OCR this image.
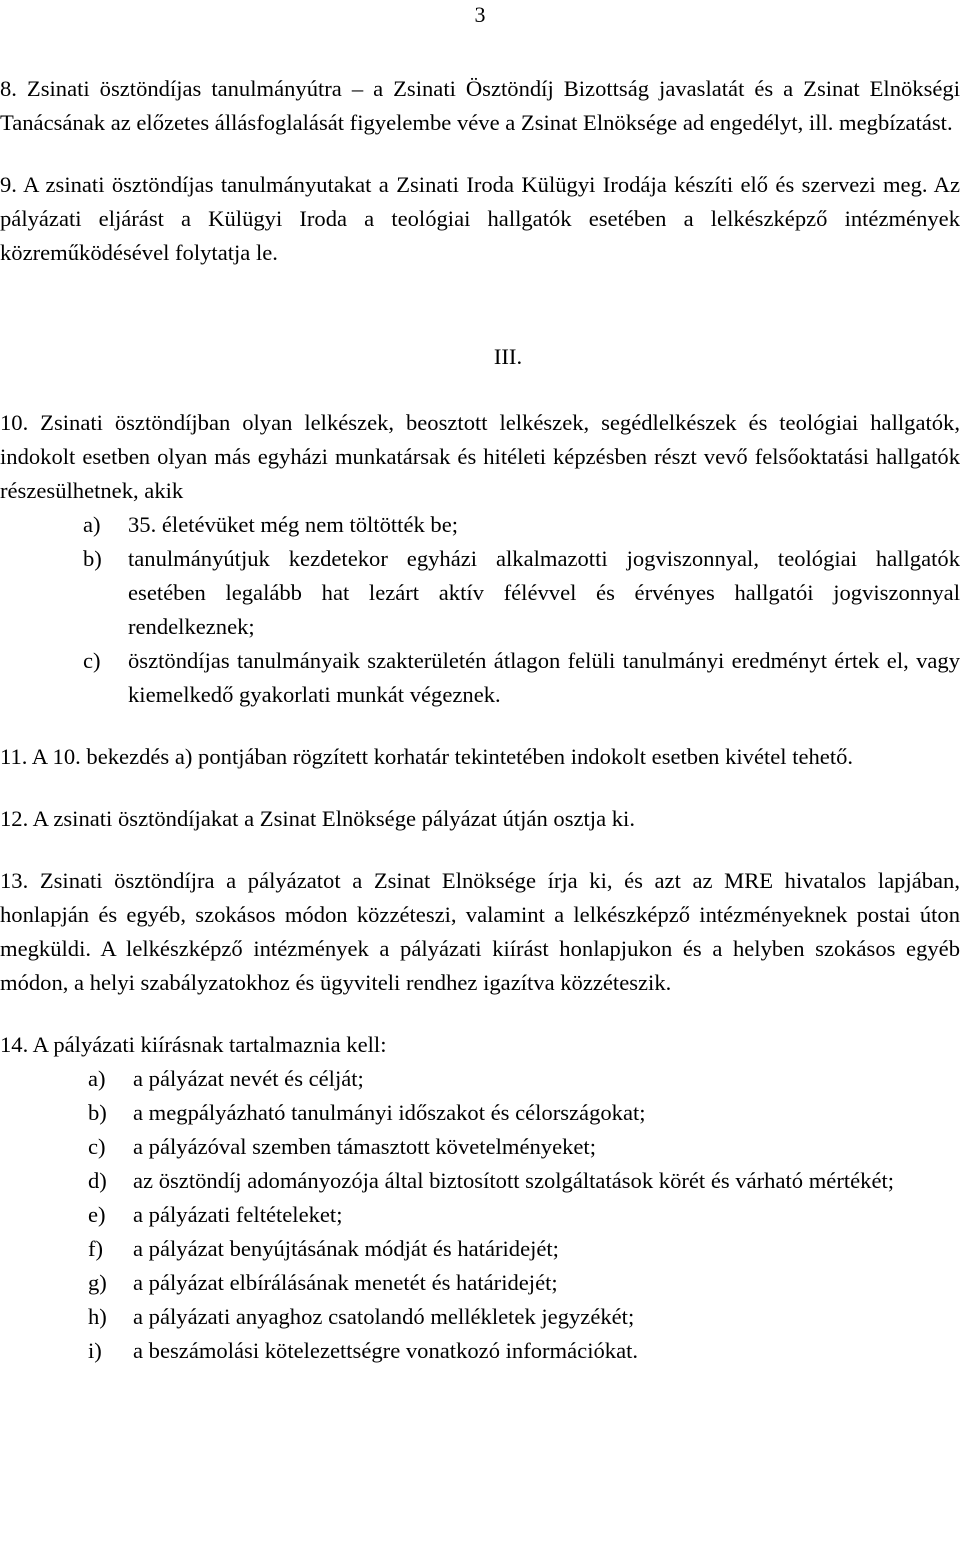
3

8. Zsinati ösztöndíjas tanulmányútra – a Zsinati Ösztöndíj Bizottság javaslatát és a Zsinat Elnökségi Tanácsának az előzetes állásfoglalását figyelembe véve a Zsinat Elnöksége ad engedélyt, ill. megbízatást.

9. A zsinati ösztöndíjas tanulmányutakat a Zsinati Iroda Külügyi Irodája készíti elő és szervezi meg. Az pályázati eljárást a Külügyi Iroda a teológiai hallgatók esetében a lelkészképző intézmények közreműködésével folytatja le.

III.

10. Zsinati ösztöndíjban olyan lelkészek, beosztott lelkészek, segédlelkészek és teológiai hallgatók, indokolt esetben olyan más egyházi munkatársak és hitéleti képzésben részt vevő felsőoktatási hallgatók részesülhetnek, akik

a) 35. életévüket még nem töltötték be;
b) tanulmányútjuk kezdetekor egyházi alkalmazotti jogviszonnyal, teológiai hallgatók esetében legalább hat lezárt aktív félévvel és érvényes hallgatói jogviszonnyal rendelkeznek;
c) ösztöndíjas tanulmányaik szakterületén átlagon felüli tanulmányi eredményt értek el, vagy kiemelkedő gyakorlati munkát végeznek.

11. A 10. bekezdés a) pontjában rögzített korhatár tekintetében indokolt esetben kivétel tehető.

12. A zsinati ösztöndíjakat a Zsinat Elnöksége pályázat útján osztja ki.

13. Zsinati ösztöndíjra a pályázatot a Zsinat Elnöksége írja ki, és azt az MRE hivatalos lapjában, honlapján és egyéb, szokásos módon közzéteszi, valamint a lelkészképző intézményeknek postai úton megküldi. A lelkészképző intézmények a pályázati kiírást honlapjukon és a helyben szokásos egyéb módon, a helyi szabályzatokhoz és ügyviteli rendhez igazítva közzéteszik.

14. A pályázati kiírásnak tartalmaznia kell:

a) a pályázat nevét és célját;
b) a megpályázható tanulmányi időszakot és célországokat;
c) a pályázóval szemben támasztott követelményeket;
d) az ösztöndíj adományozója által biztosított szolgáltatások körét és várható mértékét;
e) a pályázati feltételeket;
f) a pályázat benyújtásának módját és határidejét;
g) a pályázat elbírálásának menetét és határidejét;
h) a pályázati anyaghoz csatolandó mellékletek jegyzékét;
i) a beszámolási kötelezettségre vonatkozó információkat.
